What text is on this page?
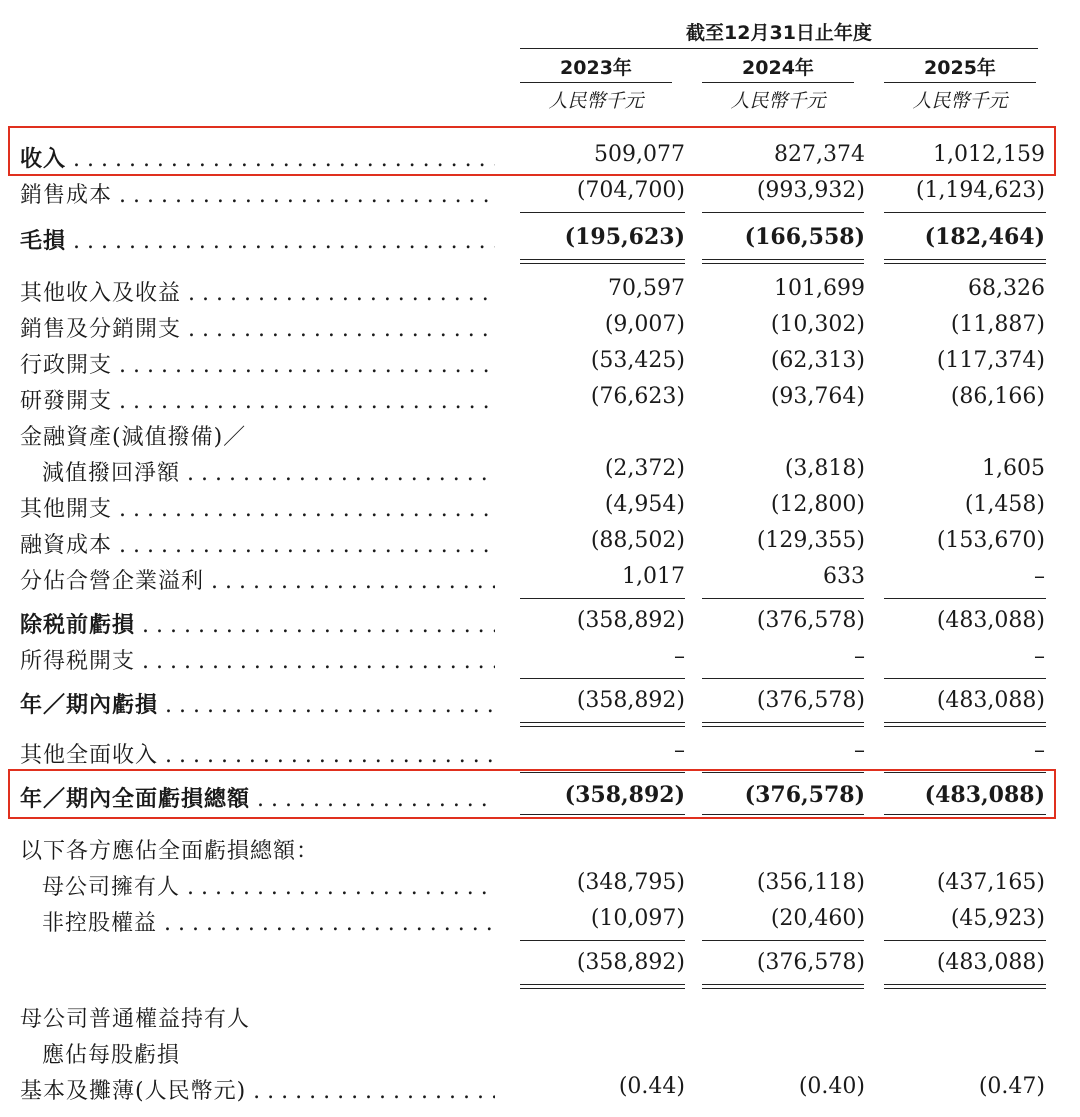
截至12月31日止年度
2023年	2024年	2025年
人民幣千元	人民幣千元	人民幣千元
收入 . . .	509,077	827,374	1,012,159
銷售成本 . . .	(704,700)	(993,932)	(1,194,623)
毛損 . . .	(195,623)	(166,558)	(182,464)
其他收入及收益 . . .	70,597	101,699	68,326
銷售及分銷開支 . . .	(9,007)	(10,302)	(11,887)
行政開支 . . .	(53,425)	(62,313)	(117,374)
研發開支 . . .	(76,623)	(93,764)	(86,166)
金融資產(減值撥備)／
減值撥回淨額 . . .	(2,372)	(3,818)	1,605
其他開支 . . .	(4,954)	(12,800)	(1,458)
融資成本 . . .	(88,502)	(129,355)	(153,670)
分佔合營企業溢利 . . .	1,017	633	–
除税前虧損 . . .	(358,892)	(376,578)	(483,088)
所得税開支 . . .	–	–	–
年／期內虧損 . . .	(358,892)	(376,578)	(483,088)
其他全面收入 . . .	–	–	–
年／期內全面虧損總額 . . .	(358,892)	(376,578)	(483,088)
以下各方應佔全面虧損總額：
母公司擁有人 . . .	(348,795)	(356,118)	(437,165)
非控股權益 . . .	(10,097)	(20,460)	(45,923)
(358,892)	(376,578)	(483,088)
母公司普通權益持有人
應佔每股虧損
基本及攤薄(人民幣元) . . .	(0.44)	(0.40)	(0.47)
